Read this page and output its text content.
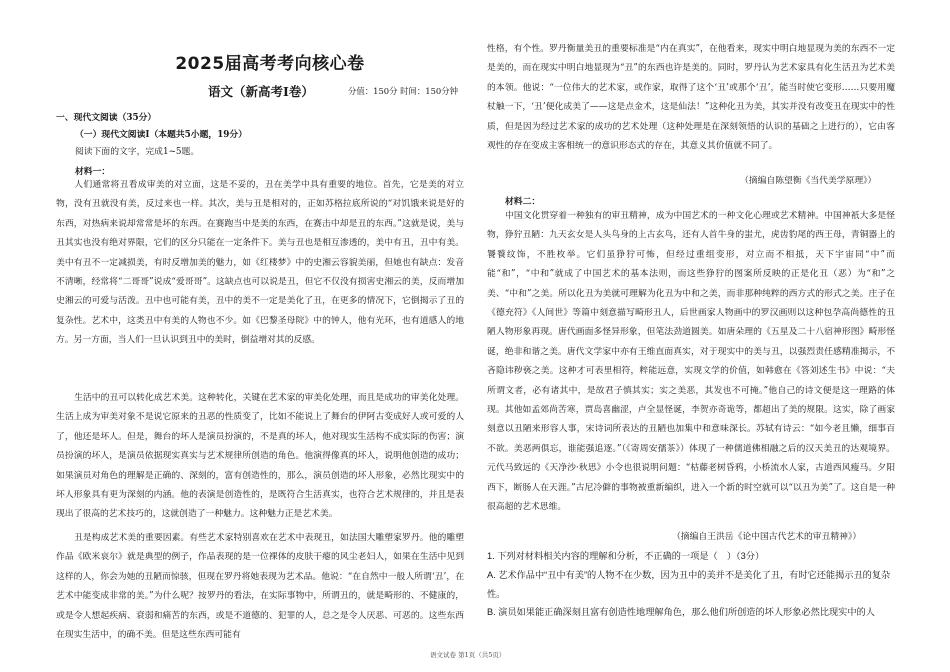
2025届高考考向核心卷
语文（新高考Ⅰ卷）	分值：150分 时间：150分钟
一、现代文阅读（35分）
（一）现代文阅读Ⅰ（本题共5小题，19分）
阅读下面的文字，完成1~5题。
材料一：

人们通常将丑看成审美的对立面，这是不妥的，丑在美学中具有重要的地位。首先，它是美的对立物，没有丑就没有美，反过来也一样。其次，美与丑是相对的，正如苏格拉底所说的“对饥饿来说是好的东西，对热病来说却常常是坏的东西。在赛跑当中是美的东西，在赛击中却是丑的东西。”这就是说，美与丑其实也没有绝对界限，它们的区分只能在一定条件下。美与丑也是相互渗透的，美中有丑，丑中有美。美中有丑不一定减损美，有时反增加美的魅力，如《红楼梦》中的史湘云容貌美丽，但她也有缺点：发音不清晰，经常将“二哥哥”说成“爱哥哥”。这缺点也可以说是丑，但它不仅没有损害史湘云的美，反而增加史湘云的可爱与活泼。丑中也可能有美，丑中的美不一定是美化了丑，在更多的情况下，它倒揭示了丑的复杂性。艺术中，这类丑中有美的人物也不少。如《巴黎圣母院》中的钟人，他有光环，也有道感人的地方。另一方面，当人们一旦认识到丑中的美时，倒益增对其的反感。

生活中的丑可以转化成艺术美。这种转化，关键在艺术家的审美化处理，而且是成功的审美化处理。生活上成为审美对象不是说它原来的丑恶的性质变了，比如不能说上了舞台的伊阿古变成好人或可爱的人了，他还是坏人。但是，舞台的坏人是演员扮演的，不是真的坏人，他对现实生活构不成实际的伤害；演员扮演的坏人，是演员依据现实真实与艺术规律所创造的角色。他演得像真的坏人，说明他创造的成功；如果演员对角色的理解是正确的、深刻的，富有创造性的，那么，演员创造的坏人形象，必然比现实中的坏人形象具有更为深刻的内涵。他的表演是创造性的，是既符合生活真实，也符合艺术规律的，并且是表现出了很高的艺术技巧的，这就创造了一种魅力。这种魅力正是艺术美。

丑是构成艺术美的重要因素。有些艺术家特别喜欢在艺术中表现丑，如法国大雕塑家罗丹。他的雕塑作品《欧米哀尔》就是典型的例子，作品表现的是一位裸体的皮肤干瘪的风尘老妇人，如果在生活中见到这样的人，你会为她的丑陋而惊骇，但现在罗丹将她表现为艺术品。他说：“在自然中一般人所谓‘丑’，在艺术中能变成非常的美。”为什么呢？按罗丹的看法，在实际事物中，所谓丑的，就是畸形的、不健康的，或是令人想起疾病、衰弱和痛苦的东西，或是不道德的、犯罪的人，总之是令人厌恶、可恶的。这些东西在现实生活中，的确不美。但是这些东西可能有

性格，有个性。罗丹衡量美丑的重要标准是“内在真实”，在他看来，现实中明白地显现为美的东西不一定是美的，而在现实中明白地显现为“丑”的东西也许是美的。同时，罗丹认为艺术家具有化生活丑为艺术美的本领。他说：“一位伟大的艺术家，或作家，取得了这个‘丑’或那个‘丑’，能当时使它变形……只要用魔杖触一下，‘丑’便化成美了——这是点金术，这是仙法！”这种化丑为美，其实并没有改变丑在现实中的性质，但是因为经过艺术家的成功的艺术处理（这种处理是在深刻领悟的认识的基础之上进行的），它由客观性的存在变成主客相统一的意识形态式的存在，其意义其价值就不同了。

（摘编自陈望衡《当代美学原理》）
材料二：

中国文化贯穿着一种独有的审丑精神，成为中国艺术的一种文化心理或艺术精神。中国神祇大多是怪物，狰狞丑陋：九天玄女是人头鸟身的上古玄鸟，还有人首牛身的蚩尤，虎齿豹尾的西王母，青铜器上的饕餮纹饰，不胜枚举。它们虽狰狞可怖，但经过重组变形，对立而不相抵，天下宇宙同“中”而能“和”，“中和”就成了中国艺术的基本法则，而这些狰狞的图案所反映的正是化丑（恶）为“和”之美、“中和”之美。所以化丑为美就可理解为化丑为中和之美，而非那种纯粹的西方式的形式之美。庄子在《德充符》《人间世》等篇中刻意描写畸形丑人，后世画家人物画中的罗汉画则以这种包孕高尚德性的丑陋人物形象再现。唐代画面多怪异形象，但笔法劲道圆美。如唐朵理的《五星及二十八宿神形图》畸形怪诞，绝非和谐之美。唐代文学家中亦有王维直面真实，对于现实中的美与丑，以强烈责任感精准揭示，不吝隐讳秽亵之美。这种才可表里相符，粹能远意，实现文学的价值，如韩愈在《答刘述生书》中说：“夫所谓文者，必有诸其中，是故君子慎其实；实之美恶，其发也不可掩。”他自己的诗文便是这一理路的体现。其他如孟郊尚苦寒，贾岛喜幽涩，卢全显怪诞，李贺亦奇诡等，都超出了美的规限。这实，除了画家刻意以丑陋来形容人事，宋诗词所表达的丑陋也加集中和意味深长。苏轼有诗云：“如今老且懒，细事百不欲。美恶两俱忘，谁能强追逐。”（《寄周安孺茶》）体现了一种儒道佛相融之后的汉天美丑的达观境界。元代马致远的《天净沙·秋思》小令也很说明问题：“枯藤老树昏鸦，小桥流水人家，古道西风瘦马。夕阳西下，断肠人在天涯。”古尼冷僻的事物被重新编织，进入一个新的时空就可以“以丑为美”了。这自是一种很高超的艺术思维。

（摘编自王洪岳《论中国古代艺术的审丑精神》）

1. 下列对材料相关内容的理解和分析，不正确的一项是（　）（3分）

A. 艺术作品中“丑中有美”的人物不在少数，因为丑中的美并不是美化了丑，有时它还能揭示丑的复杂性。

B. 演员如果能正确深刻且富有创造性地理解角色，那么他们所创造的坏人形象必然比现实中的人

语文试卷 第1页（共5页）
